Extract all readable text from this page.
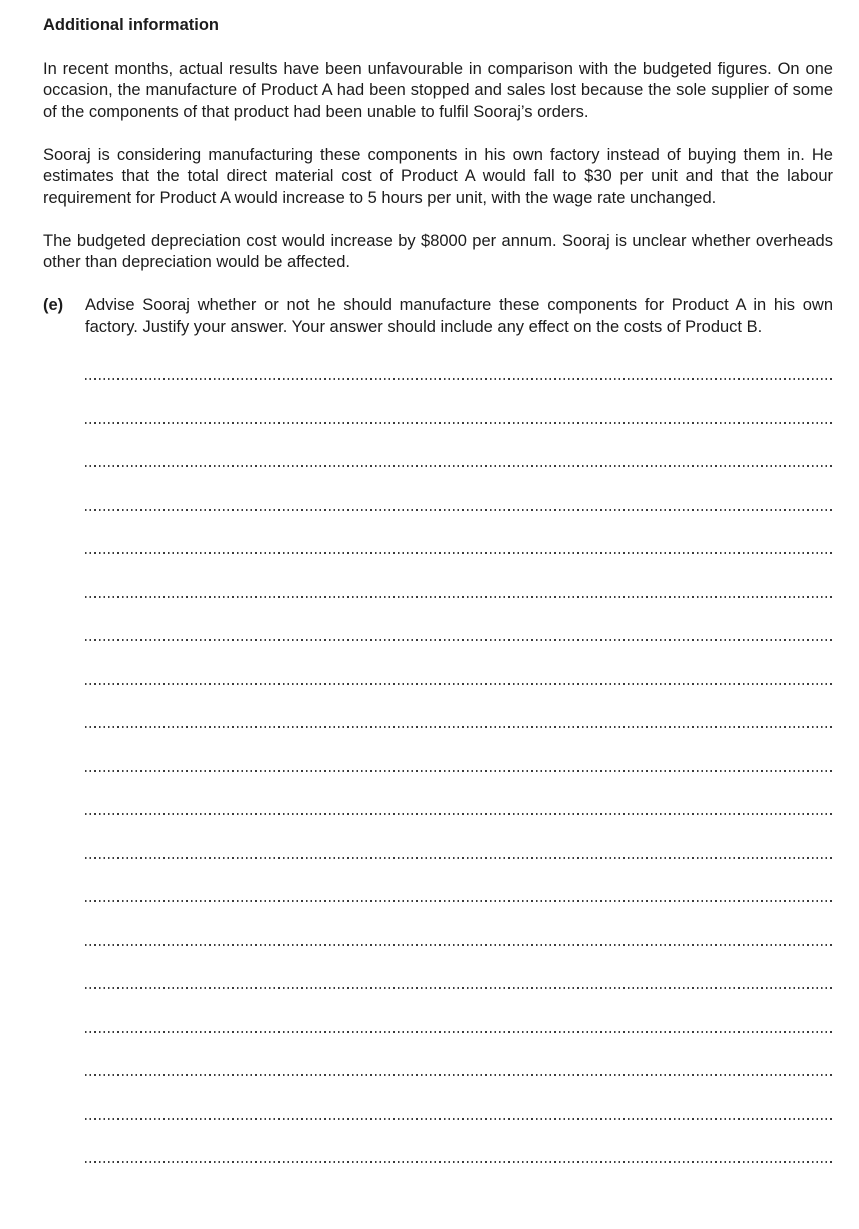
Additional information

In recent months, actual results have been unfavourable in comparison with the budgeted figures. On one occasion, the manufacture of Product A had been stopped and sales lost because the sole supplier of some of the components of that product had been unable to fulfil Sooraj’s orders.

Sooraj is considering manufacturing these components in his own factory instead of buying them in. He estimates that the total direct material cost of Product A would fall to $30 per unit and that the labour requirement for Product A would increase to 5 hours per unit, with the wage rate unchanged.

The budgeted depreciation cost would increase by $8000 per annum. Sooraj is unclear whether overheads other than depreciation would be affected.

(e)	Advise Sooraj whether or not he should manufacture these components for Product A in his own factory. Justify your answer. Your answer should include any effect on the costs of Product B.
